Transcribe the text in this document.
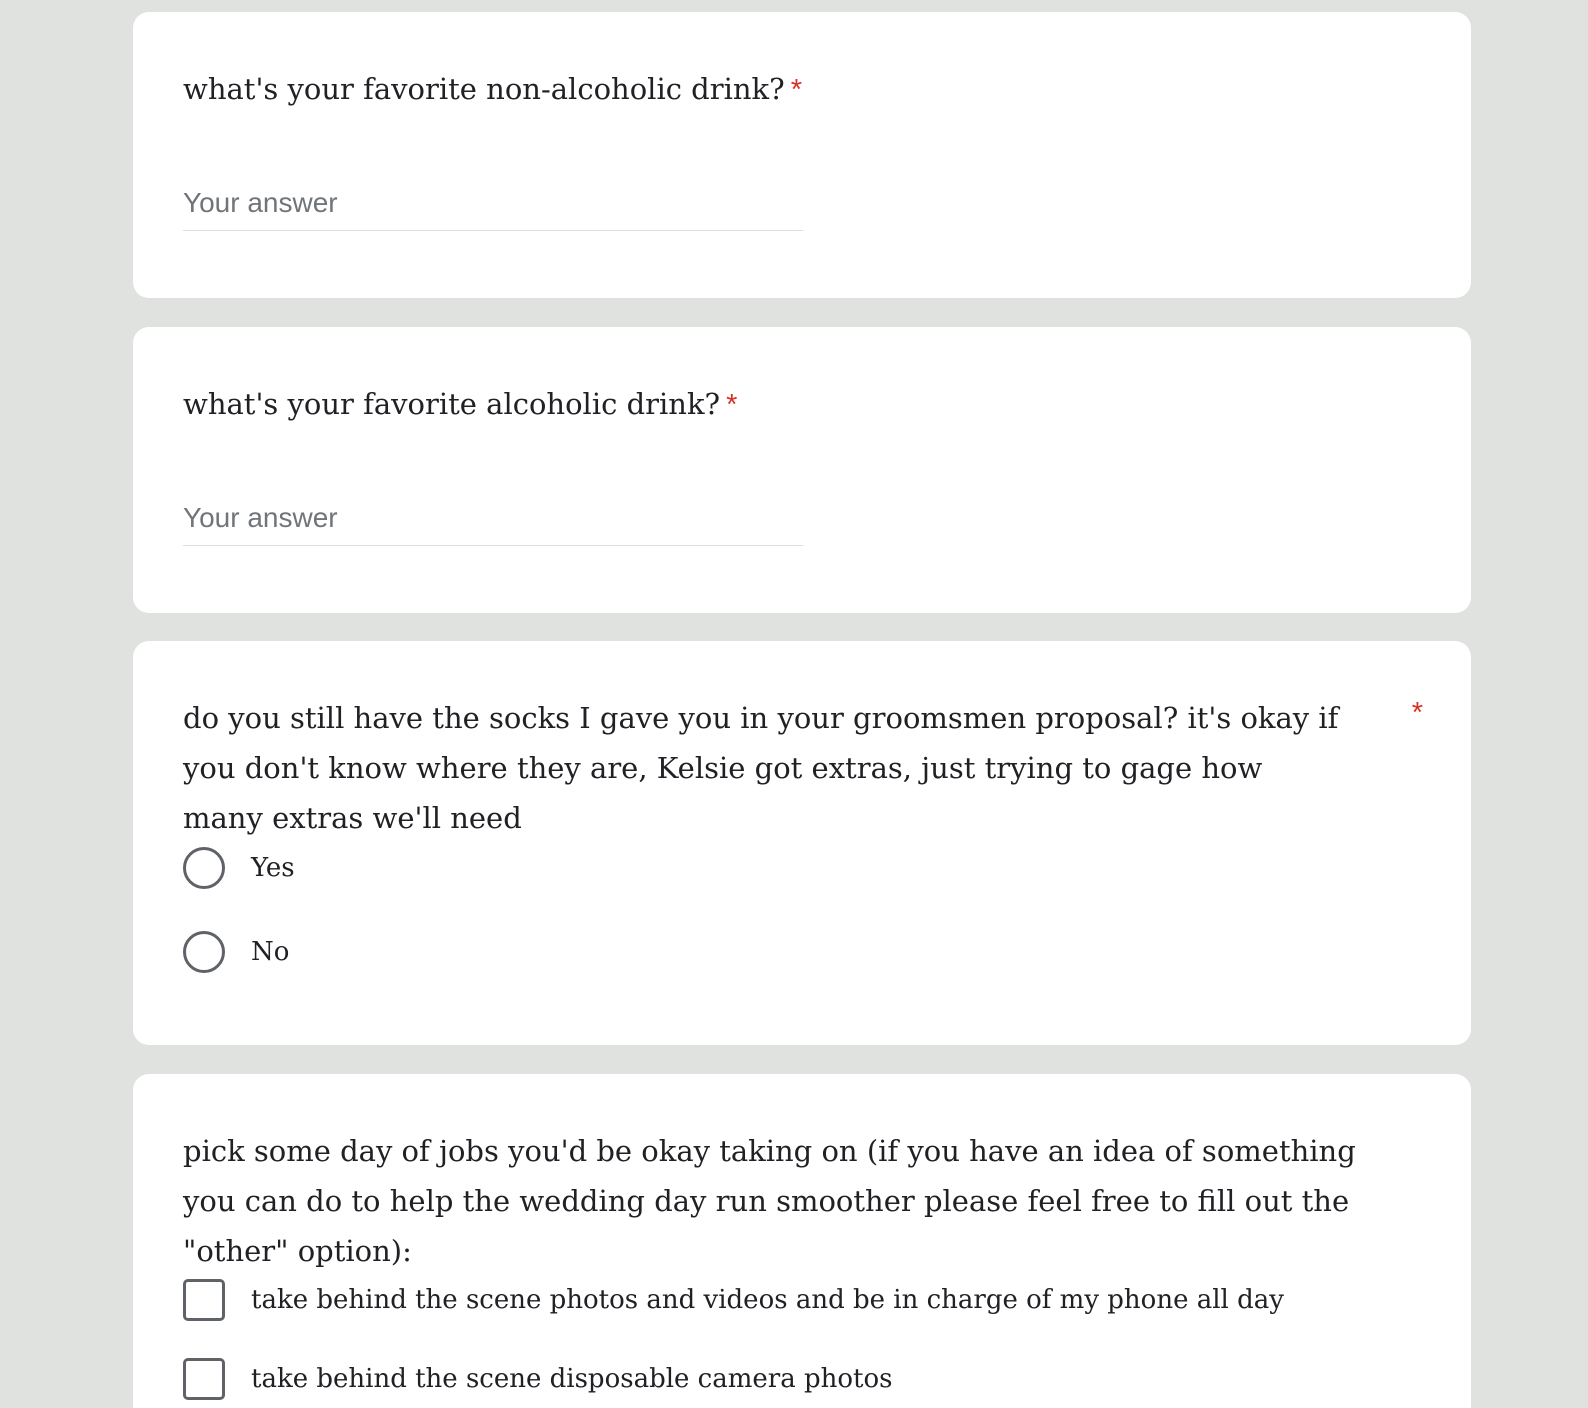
what's your favorite non-alcoholic drink? *
Your answer
what's your favorite alcoholic drink? *
Your answer
do you still have the socks I gave you in your groomsmen proposal? it's okay if you don't know where they are, Kelsie got extras, just trying to gage how many extras we'll need
*
Yes
No
pick some day of jobs you'd be okay taking on (if you have an idea of something you can do to help the wedding day run smoother please feel free to fill out the "other" option):
take behind the scene photos and videos and be in charge of my phone all day
take behind the scene disposable camera photos
